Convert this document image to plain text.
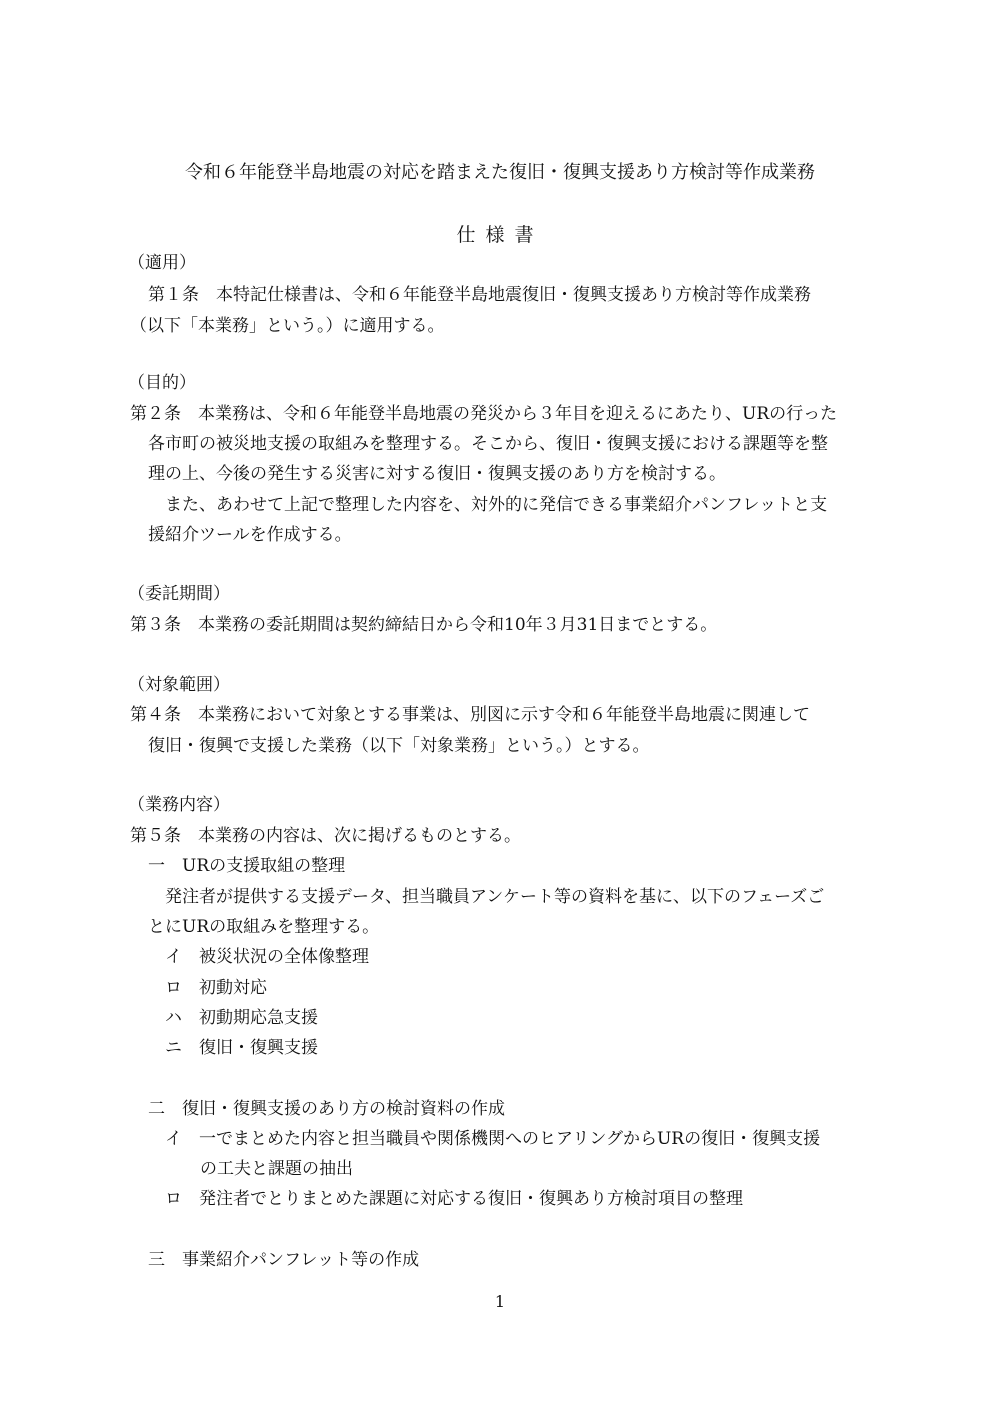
令和６年能登半島地震の対応を踏まえた復旧・復興支援あり方検討等作成業務
仕様書
（適用）
第１条　本特記仕様書は、令和６年能登半島地震復旧・復興支援あり方検討等作成業務
（以下「本業務」という。）に適用する。
（目的）
第２条　本業務は、令和６年能登半島地震の発災から３年目を迎えるにあたり、URの行った
各市町の被災地支援の取組みを整理する。そこから、復旧・復興支援における課題等を整
理の上、今後の発生する災害に対する復旧・復興支援のあり方を検討する。
また、あわせて上記で整理した内容を、対外的に発信できる事業紹介パンフレットと支
援紹介ツールを作成する。
（委託期間）
第３条　本業務の委託期間は契約締結日から令和10年３月31日までとする。
（対象範囲）
第４条　本業務において対象とする事業は、別図に示す令和６年能登半島地震に関連して
復旧・復興で支援した業務（以下「対象業務」という。）とする。
（業務内容）
第５条　本業務の内容は、次に掲げるものとする。
一　URの支援取組の整理
発注者が提供する支援データ、担当職員アンケート等の資料を基に、以下のフェーズご
とにURの取組みを整理する。
イ　被災状況の全体像整理
ロ　初動対応
ハ　初動期応急支援
ニ　復旧・復興支援
二　復旧・復興支援のあり方の検討資料の作成
イ　一でまとめた内容と担当職員や関係機関へのヒアリングからURの復旧・復興支援
の工夫と課題の抽出
ロ　発注者でとりまとめた課題に対応する復旧・復興あり方検討項目の整理
三　事業紹介パンフレット等の作成
1
